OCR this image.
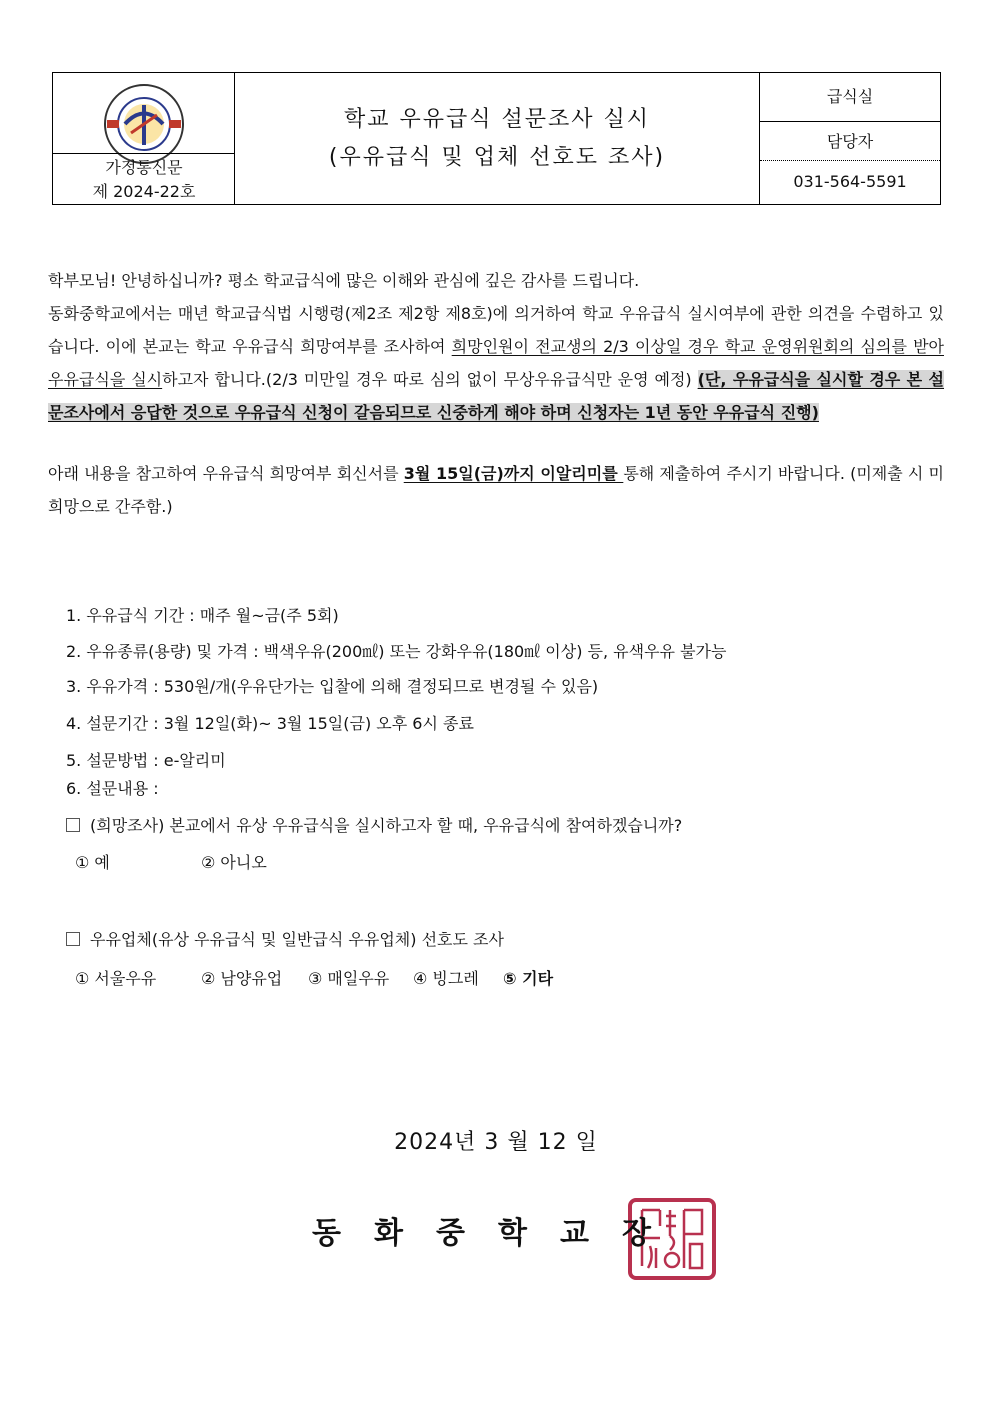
가정통신문
제 2024-22호
학교 우유급식 설문조사 실시
(우유급식 및 업체 선호도 조사)
급식실
담당자
031-564-5591
학부모님! 안녕하십니까? 평소 학교급식에 많은 이해와 관심에 깊은 감사를 드립니다.
동화중학교에서는 매년 학교급식법 시행령(제2조 제2항 제8호)에 의거하여 학교 우유급식 실시여부에 관한 의견을 수렴하고 있습니다. 이에 본교는 학교 우유급식 희망여부를 조사하여 희망인원이 전교생의 2/3 이상일 경우 학교 운영위원회의 심의를 받아 우유급식을 실시하고자 합니다.(2/3 미만일 경우 따로 심의 없이 무상우유급식만 운영 예정) (단, 우유급식을 실시할 경우 본 설문조사에서 응답한 것으로 우유급식 신청이 갈음되므로 신중하게 해야 하며 신청자는 1년 동안 우유급식 진행)
아래 내용을 참고하여 우유급식 희망여부 회신서를 3월 15일(금)까지 이알리미를 통해 제출하여 주시기 바랍니다. (미제출 시 미희망으로 간주함.)
1. 우유급식 기간 : 매주 월~금(주 5회)
2. 우유종류(용량) 및 가격 : 백색우유(200㎖) 또는 강화우유(180㎖ 이상) 등, 유색우유 불가능
3. 우유가격 : 530원/개(우유단가는 입찰에 의해 결정되므로 변경될 수 있음)
4. 설문기간 : 3월 12일(화)~ 3월 15일(금) 오후 6시 종료
5. 설문방법 : e-알리미
6. 설문내용 :
(희망조사) 본교에서 유상 우유급식을 실시하고자 할 때, 우유급식에 참여하겠습니까?
우유업체(유상 우유급식 및 일반급식 우유업체) 선호도 조사
① 예	② 아니오
① 서울우유	② 남양유업 ③ 매일우유 ④ 빙그레 ⑤ 기타
2024년 3 월 12 일
동 화 중 학 교 장
